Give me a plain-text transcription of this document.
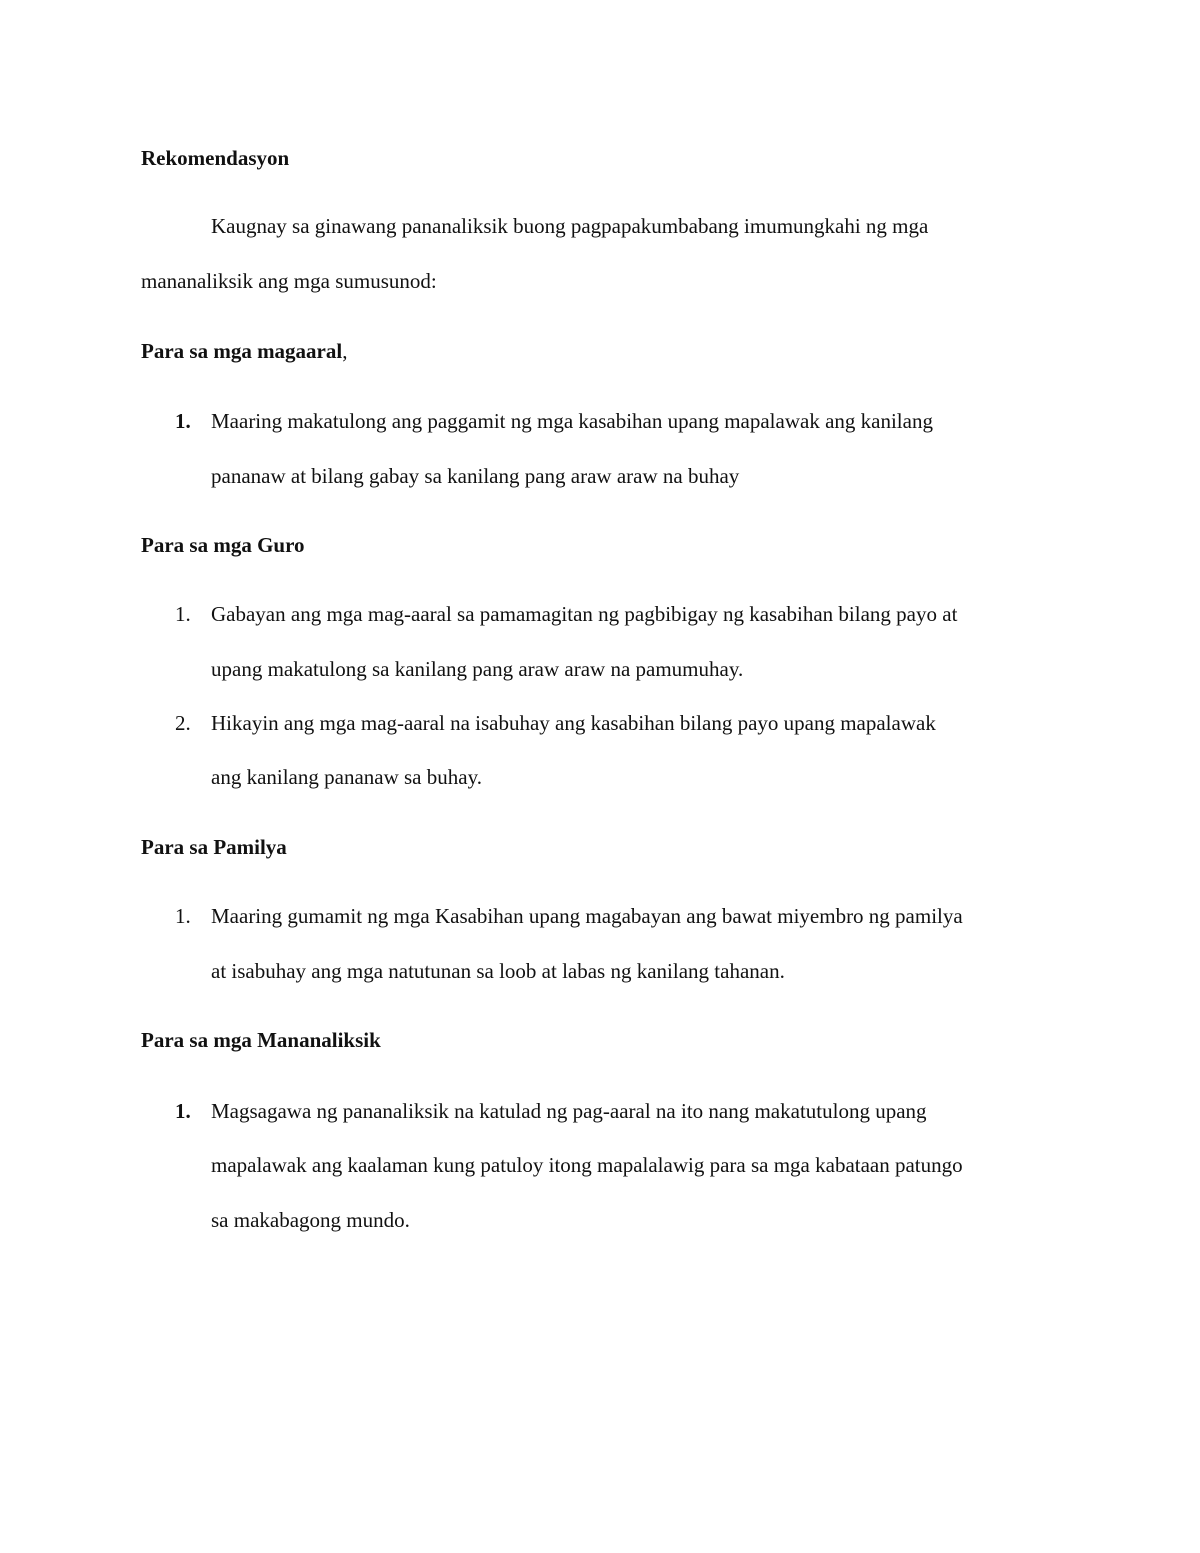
Rekomendasyon
Kaugnay sa ginawang pananaliksik buong pagpapakumbabang imumungkahi ng mga
mananaliksik ang mga sumusunod:
Para sa mga magaaral,
1. Maaring makatulong ang paggamit ng mga kasabihan upang mapalawak ang kanilang
pananaw at bilang gabay sa kanilang pang araw araw na buhay
Para sa mga Guro
1. Gabayan ang mga mag-aaral sa pamamagitan ng pagbibigay ng kasabihan bilang payo at
upang makatulong sa kanilang pang araw araw na pamumuhay.
2. Hikayin ang mga mag-aaral na isabuhay ang kasabihan bilang payo upang mapalawak
ang kanilang pananaw sa buhay.
Para sa Pamilya
1. Maaring gumamit ng mga Kasabihan upang magabayan ang bawat miyembro ng pamilya
at isabuhay ang mga natutunan sa loob at labas ng kanilang tahanan.
Para sa mga Mananaliksik
1. Magsagawa ng pananaliksik na katulad ng pag-aaral na ito nang makatutulong upang
mapalawak ang kaalaman kung patuloy itong mapalalawig para sa mga kabataan patungo
sa makabagong mundo.
